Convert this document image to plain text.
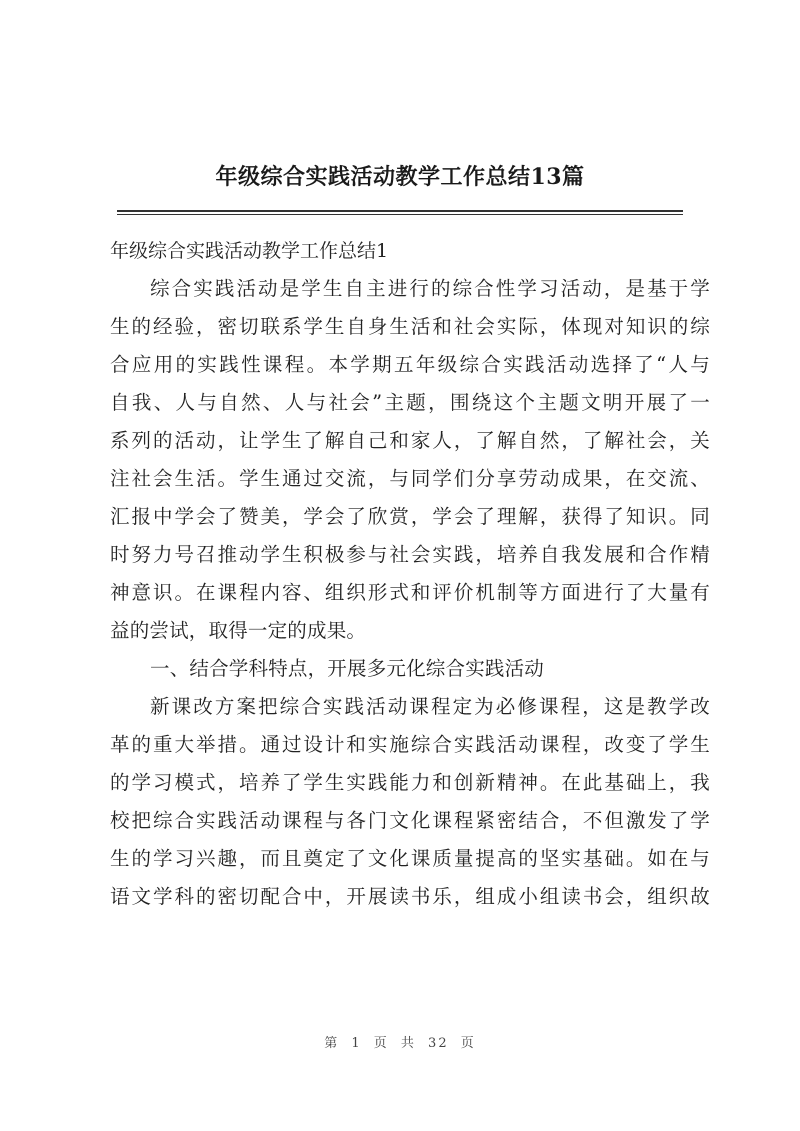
年级综合实践活动教学工作总结13篇
年级综合实践活动教学工作总结1
综合实践活动是学生自主进行的综合性学习活动，是基于学
生的经验，密切联系学生自身生活和社会实际，体现对知识的综
合应用的实践性课程。本学期五年级综合实践活动选择了“人与
自我、人与自然、人与社会”主题，围绕这个主题文明开展了一
系列的活动，让学生了解自己和家人，了解自然，了解社会，关
注社会生活。学生通过交流，与同学们分享劳动成果，在交流、
汇报中学会了赞美，学会了欣赏，学会了理解，获得了知识。同
时努力号召推动学生积极参与社会实践，培养自我发展和合作精
神意识。在课程内容、组织形式和评价机制等方面进行了大量有
益的尝试，取得一定的成果。
一、结合学科特点，开展多元化综合实践活动
新课改方案把综合实践活动课程定为必修课程，这是教学改
革的重大举措。通过设计和实施综合实践活动课程，改变了学生
的学习模式，培养了学生实践能力和创新精神。在此基础上，我
校把综合实践活动课程与各门文化课程紧密结合，不但激发了学
生的学习兴趣，而且奠定了文化课质量提高的坚实基础。如在与
语文学科的密切配合中，开展读书乐，组成小组读书会，组织故
第 1 页 共 32 页
